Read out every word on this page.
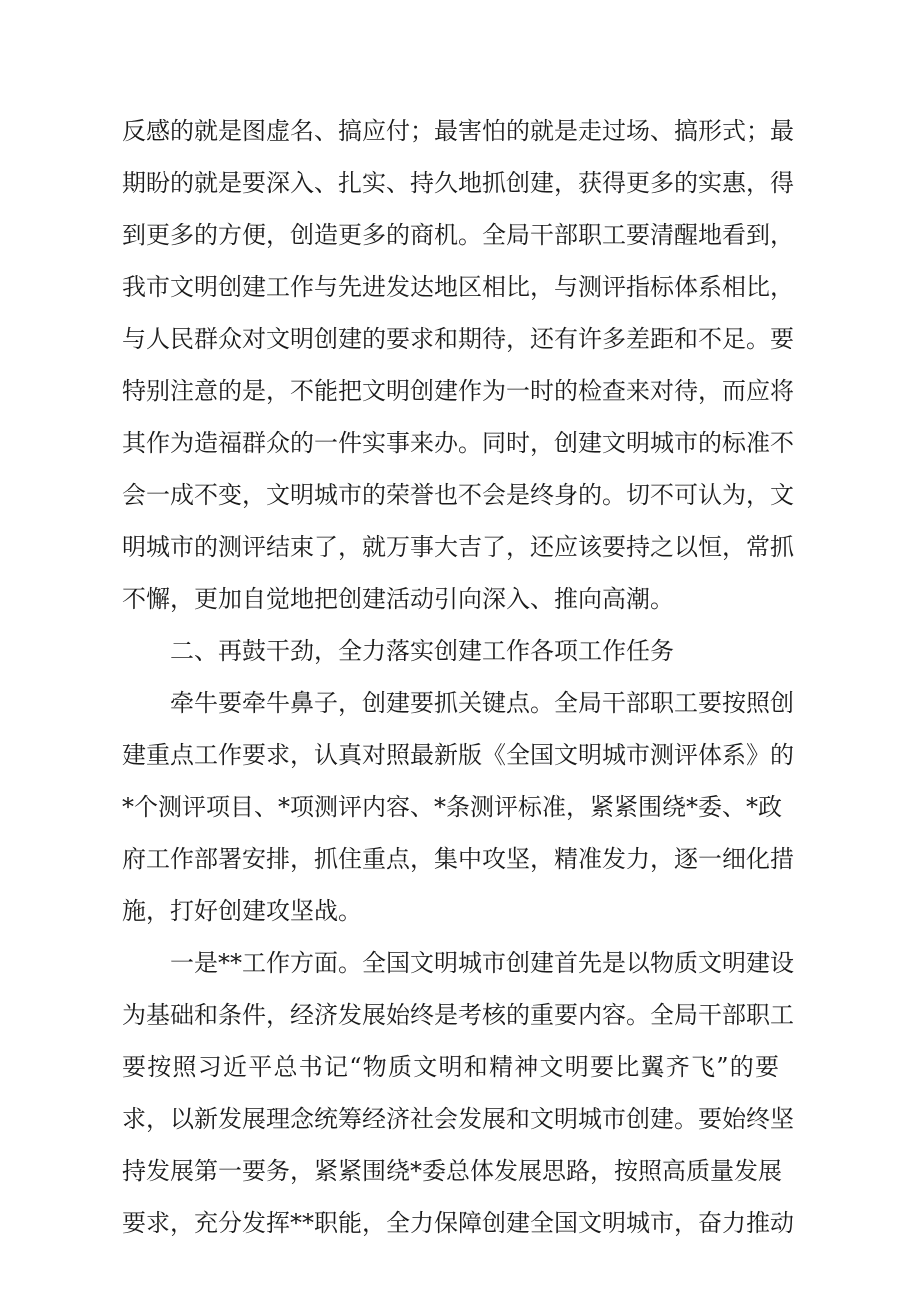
反感的就是图虚名、搞应付；最害怕的就是走过场、搞形式；最
期盼的就是要深入、扎实、持久地抓创建，获得更多的实惠，得
到更多的方便，创造更多的商机。全局干部职工要清醒地看到，
我市文明创建工作与先进发达地区相比，与测评指标体系相比，
与人民群众对文明创建的要求和期待，还有许多差距和不足。要
特别注意的是，不能把文明创建作为一时的检查来对待，而应将
其作为造福群众的一件实事来办。同时，创建文明城市的标准不
会一成不变，文明城市的荣誉也不会是终身的。切不可认为，文
明城市的测评结束了，就万事大吉了，还应该要持之以恒，常抓
不懈，更加自觉地把创建活动引向深入、推向高潮。
二、再鼓干劲，全力落实创建工作各项工作任务
牵牛要牵牛鼻子，创建要抓关键点。全局干部职工要按照创
建重点工作要求，认真对照最新版《全国文明城市测评体系》的
*个测评项目、*项测评内容、*条测评标准，紧紧围绕*委、*政
府工作部署安排，抓住重点，集中攻坚，精准发力，逐一细化措
施，打好创建攻坚战。
一是**工作方面。全国文明城市创建首先是以物质文明建设
为基础和条件，经济发展始终是考核的重要内容。全局干部职工
要按照习近平总书记“物质文明和精神文明要比翼齐飞”的要
求，以新发展理念统筹经济社会发展和文明城市创建。要始终坚
持发展第一要务，紧紧围绕*委总体发展思路，按照高质量发展
要求，充分发挥**职能，全力保障创建全国文明城市，奋力推动
